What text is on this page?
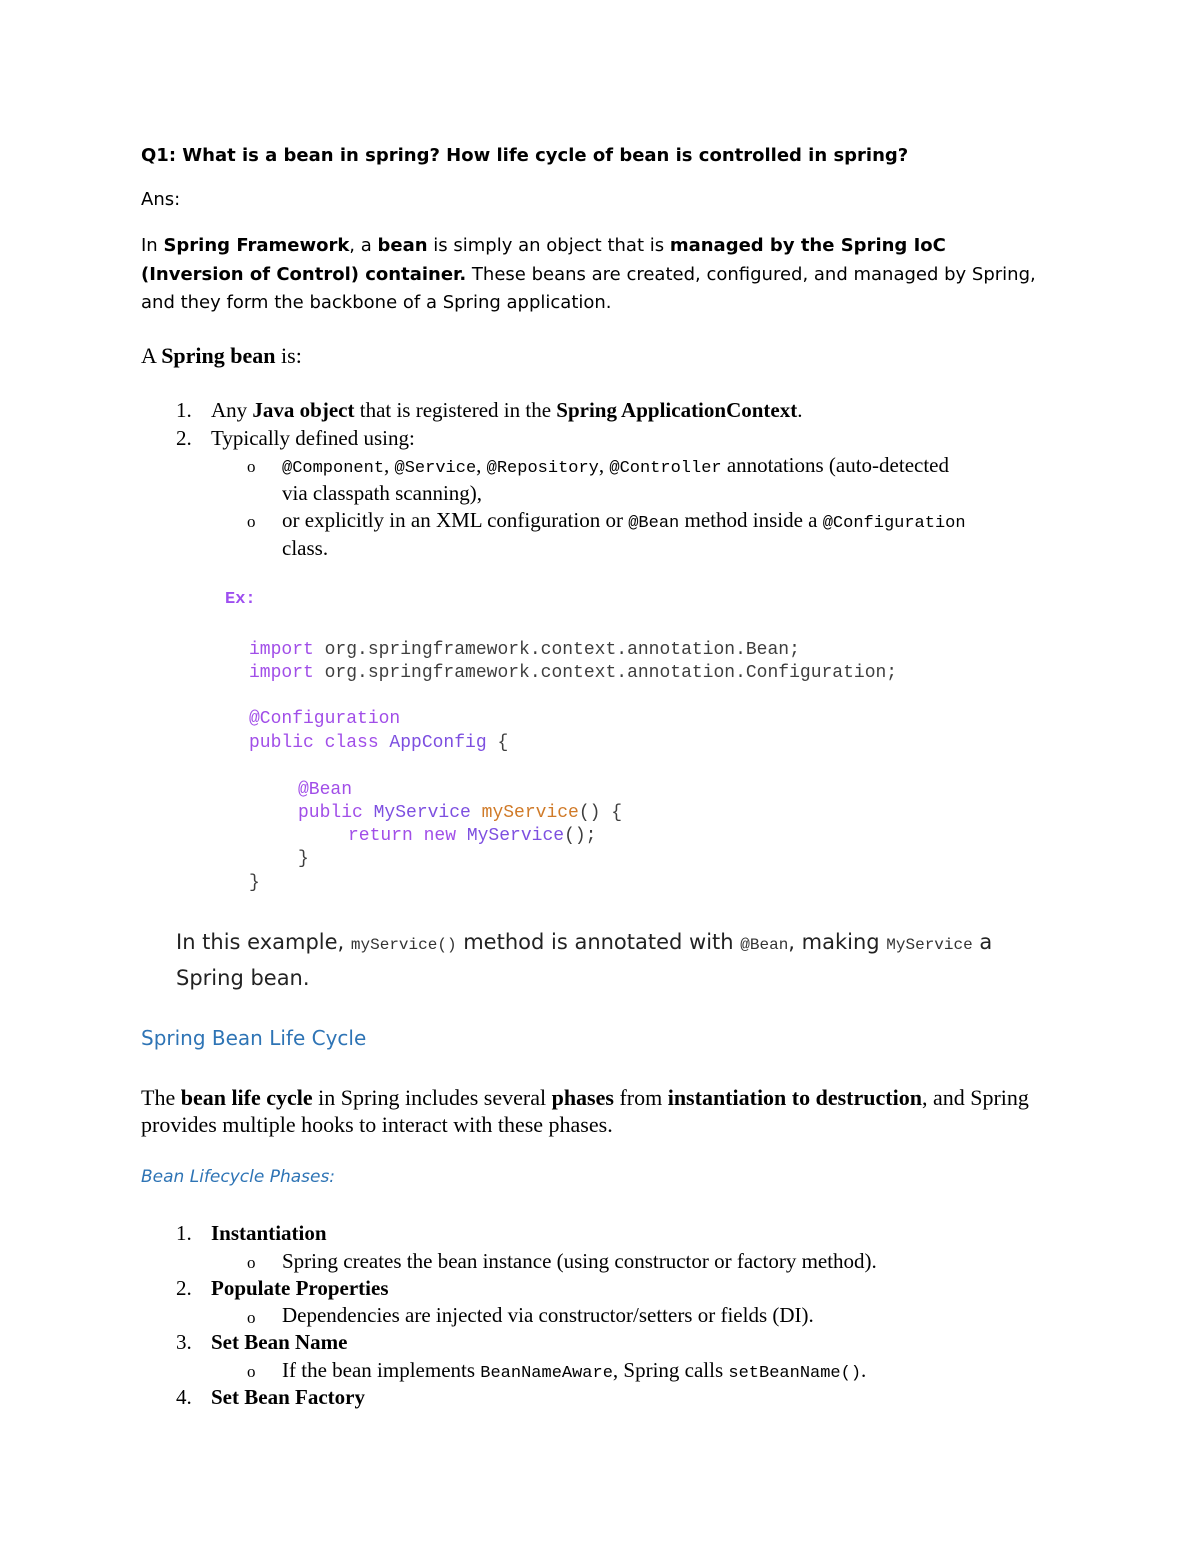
Q1: What is a bean in spring? How life cycle of bean is controlled in spring?
Ans:
In Spring Framework, a bean is simply an object that is managed by the Spring IoC (Inversion of Control) container. These beans are created, configured, and managed by Spring, and they form the backbone of a Spring application.
A Spring bean is:
1. Any Java object that is registered in the Spring ApplicationContext.
2. Typically defined using:
o @Component, @Service, @Repository, @Controller annotations (auto-detected
via classpath scanning),
o or explicitly in an XML configuration or @Bean method inside a @Configuration
class.
Ex:
import org.springframework.context.annotation.Bean;
import org.springframework.context.annotation.Configuration;
@Configuration
public class AppConfig {
@Bean
public MyService myService() {
return new MyService();
}
}
In this example, myService() method is annotated with @Bean, making MyService a Spring bean.
Spring Bean Life Cycle
The bean life cycle in Spring includes several phases from instantiation to destruction, and Spring provides multiple hooks to interact with these phases.
Bean Lifecycle Phases:
1. Instantiation
o Spring creates the bean instance (using constructor or factory method).
2. Populate Properties
o Dependencies are injected via constructor/setters or fields (DI).
3. Set Bean Name
o If the bean implements BeanNameAware, Spring calls setBeanName().
4. Set Bean Factory
